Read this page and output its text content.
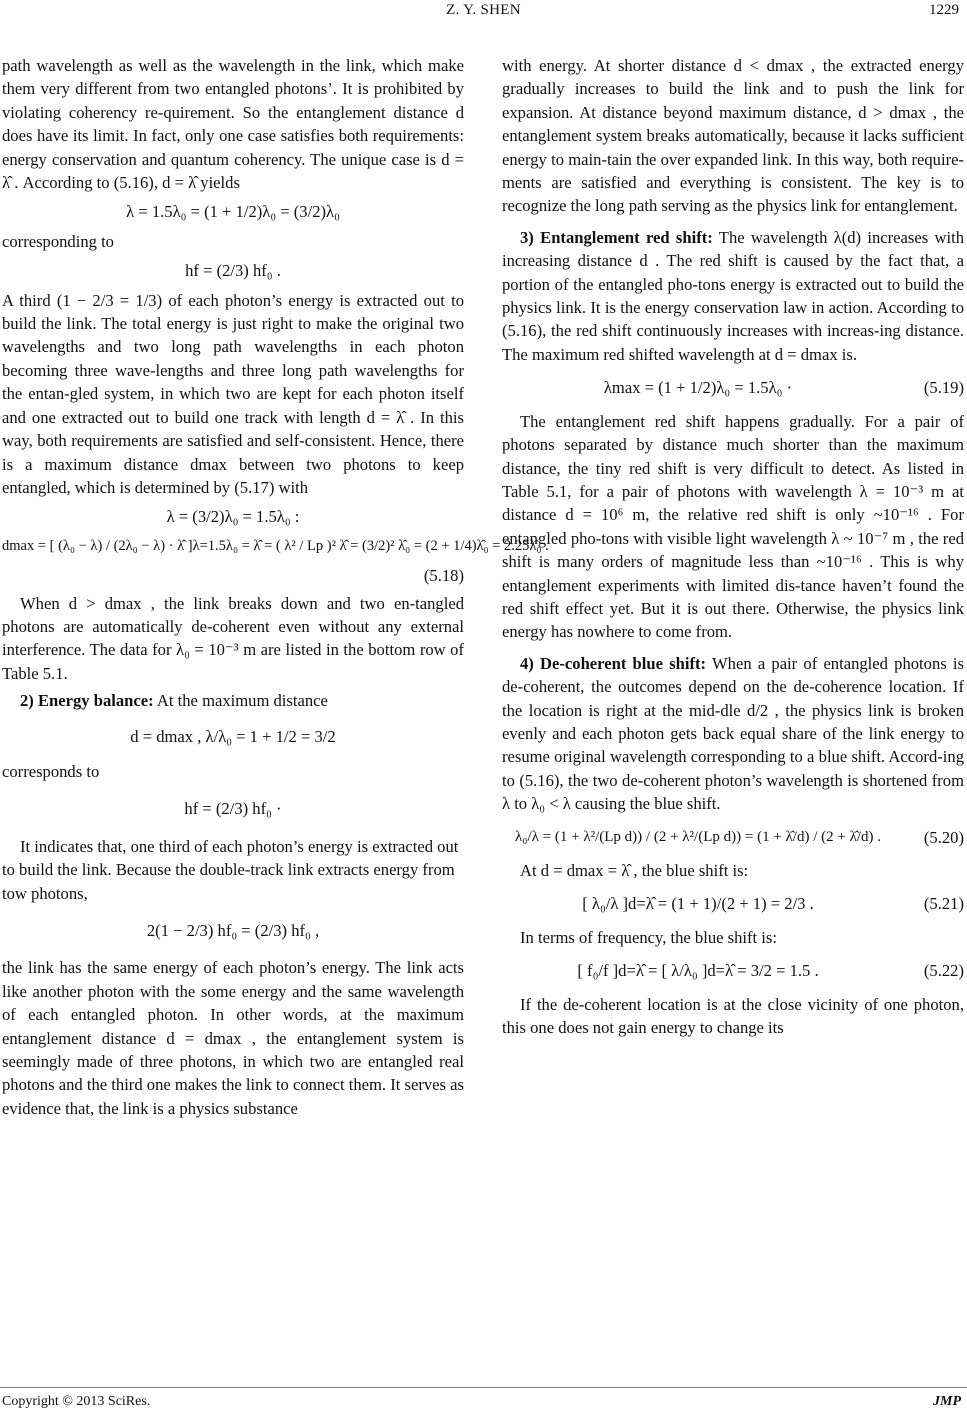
Z. Y. SHEN	1229

path wavelength as well as the wavelength in the link, which make them very different from two entangled photons’. It is prohibited by violating coherency re-quirement. So the entanglement distance d does have its limit. In fact, only one case satisfies both requirements: energy conservation and quantum coherency. The unique case is d = λ̂ . According to (5.16), d = λ̂ yields

λ = 1.5λ₀ = (1 + 1/2)λ₀ = (3/2)λ₀

corresponding to

hf = (2/3) hf₀ .

A third (1 − 2/3 = 1/3) of each photon’s energy is extracted out to build the link. The total energy is just right to make the original two wavelengths and two long path wavelengths in each photon becoming three wave-lengths and three long path wavelengths for the entan-gled system, in which two are kept for each photon itself and one extracted out to build one track with length d = λ̂ . In this way, both requirements are satisfied and self-consistent. Hence, there is a maximum distance dmax between two photons to keep entangled, which is determined by (5.17) with

λ = (3/2)λ₀ = 1.5λ₀ :
dmax = [ (λ₀ − λ) / (2λ₀ − λ) · λ̂ ]λ=1.5λ₀ = λ̂ = ( λ² / Lp )² λ̂ = (3/2)² λ̂₀ = (2 + 1/4)λ̂₀ = 2.25λ̂₀ .
(5.18)

When d > dmax , the link breaks down and two en-tangled photons are automatically de-coherent even without any external interference. The data for λ₀ = 10⁻³ m are listed in the bottom row of Table 5.1.

2) Energy balance: At the maximum distance

d = dmax , λ/λ₀ = 1 + 1/2 = 3/2

corresponds to

hf = (2/3) hf₀ ·

It indicates that, one third of each photon’s energy is extracted out to build the link. Because the double-track link extracts energy from tow photons,

2(1 − 2/3) hf₀ = (2/3) hf₀ ,

the link has the same energy of each photon’s energy. The link acts like another photon with the some energy and the same wavelength of each entangled photon. In other words, at the maximum entanglement distance d = dmax , the entanglement system is seemingly made of three photons, in which two are entangled real photons and the third one makes the link to connect them. It serves as evidence that, the link is a physics substance

with energy. At shorter distance d < dmax , the extracted energy gradually increases to build the link and to push the link for expansion. At distance beyond maximum distance, d > dmax , the entanglement system breaks automatically, because it lacks sufficient energy to main-tain the over expanded link. In this way, both require-ments are satisfied and everything is consistent. The key is to recognize the long path serving as the physics link for entanglement.

3) Entanglement red shift: The wavelength λ(d) increases with increasing distance d . The red shift is caused by the fact that, a portion of the entangled pho-tons energy is extracted out to build the physics link. It is the energy conservation law in action. According to (5.16), the red shift continuously increases with increas-ing distance. The maximum red shifted wavelength at d = dmax is.

λmax = (1 + 1/2)λ₀ = 1.5λ₀ ·	(5.19)

The entanglement red shift happens gradually. For a pair of photons separated by distance much shorter than the maximum distance, the tiny red shift is very difficult to detect. As listed in Table 5.1, for a pair of photons with wavelength λ = 10⁻³ m at distance d = 10⁶ m, the relative red shift is only ~10⁻¹⁶ . For entangled pho-tons with visible light wavelength λ ~ 10⁻⁷ m , the red shift is many orders of magnitude less than ~10⁻¹⁶ . This is why entanglement experiments with limited dis-tance haven’t found the red shift effect yet. But it is out there. Otherwise, the physics link energy has nowhere to come from.

4) De-coherent blue shift: When a pair of entangled photons is de-coherent, the outcomes depend on the de-coherence location. If the location is right at the mid-dle d/2 , the physics link is broken evenly and each photon gets back equal share of the link energy to resume original wavelength corresponding to a blue shift. Accord-ing to (5.16), the two de-coherent photon’s wavelength is shortened from λ to λ₀ < λ causing the blue shift.

λ₀/λ = (1 + λ²/(Lp d)) / (2 + λ²/(Lp d)) = (1 + λ̂/d) / (2 + λ̂/d) .	(5.20)

At d = dmax = λ̂ , the blue shift is:

[ λ₀/λ ]d=λ̂ = (1 + 1)/(2 + 1) = 2/3 .	(5.21)

In terms of frequency, the blue shift is:

[ f₀/f ]d=λ̂ = [ λ/λ₀ ]d=λ̂ = 3/2 = 1.5 .	(5.22)

If the de-coherent location is at the close vicinity of one photon, this one does not gain energy to change its

Copyright © 2013 SciRes.	JMP
